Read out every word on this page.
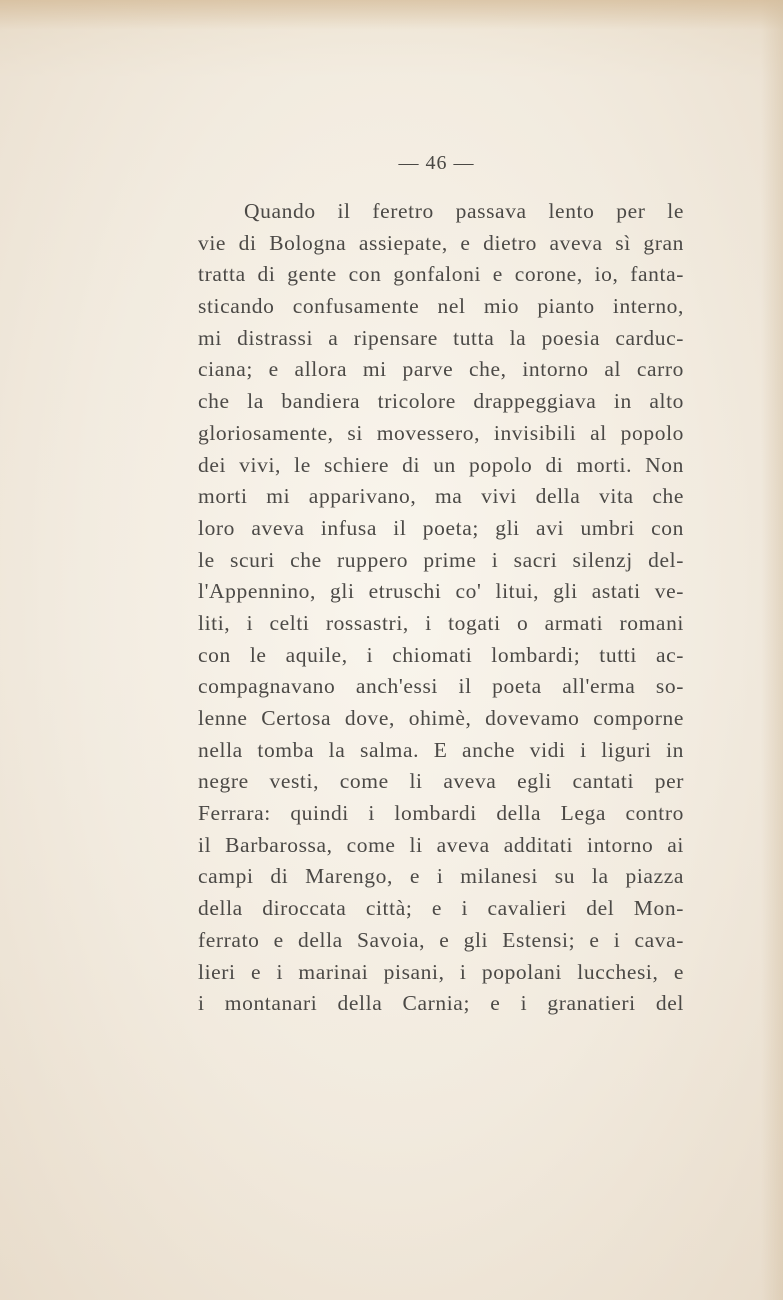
— 46 —
Quando il feretro passava lento per le
vie di Bologna assiepate, e dietro aveva sì gran
tratta di gente con gonfaloni e corone, io, fanta-
sticando confusamente nel mio pianto interno,
mi distrassi a ripensare tutta la poesia carduc-
ciana; e allora mi parve che, intorno al carro
che la bandiera tricolore drappeggiava in alto
gloriosamente, si movessero, invisibili al popolo
dei vivi, le schiere di un popolo di morti. Non
morti mi apparivano, ma vivi della vita che
loro aveva infusa il poeta; gli avi umbri con
le scuri che ruppero prime i sacri silenzj del-
l'Appennino, gli etruschi co' litui, gli astati ve-
liti, i celti rossastri, i togati o armati romani
con le aquile, i chiomati lombardi; tutti ac-
compagnavano anch'essi il poeta all'erma so-
lenne Certosa dove, ohimè, dovevamo comporne
nella tomba la salma. E anche vidi i liguri in
negre vesti, come li aveva egli cantati per
Ferrara: quindi i lombardi della Lega contro
il Barbarossa, come li aveva additati intorno ai
campi di Marengo, e i milanesi su la piazza
della diroccata città; e i cavalieri del Mon-
ferrato e della Savoia, e gli Estensi; e i cava-
lieri e i marinai pisani, i popolani lucchesi, e
i montanari della Carnia; e i granatieri del
